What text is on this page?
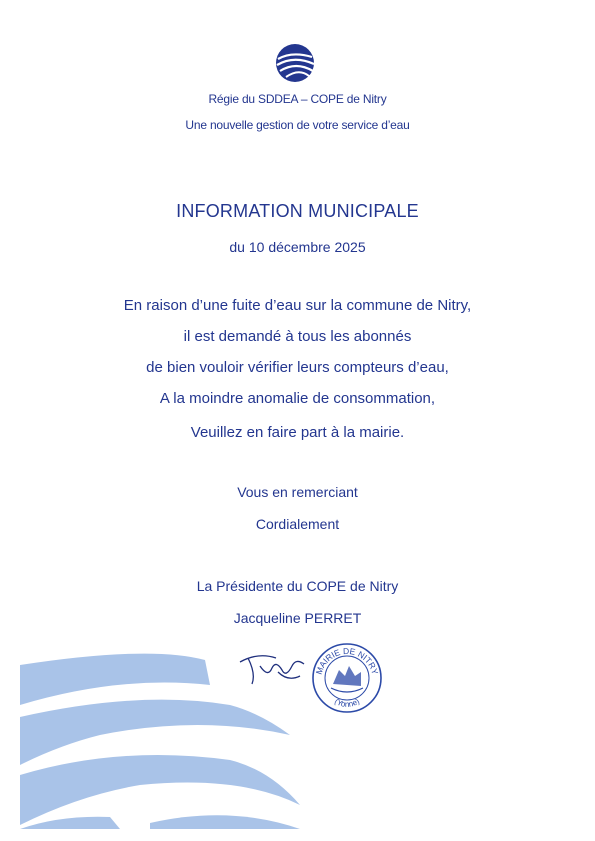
Régie du SDDEA – COPE de Nitry
Une nouvelle gestion de votre service d’eau
INFORMATION MUNICIPALE
du 10 décembre 2025
En raison d’une fuite d’eau sur la commune de Nitry,
il est demandé à tous les abonnés
de bien vouloir vérifier leurs compteurs d’eau,
A la moindre anomalie de consommation,
Veuillez en faire part à la mairie.
Vous en remerciant
Cordialement
La Présidente du COPE de Nitry
Jacqueline PERRET
MAIRIE DE NITRY
(Yonne)
